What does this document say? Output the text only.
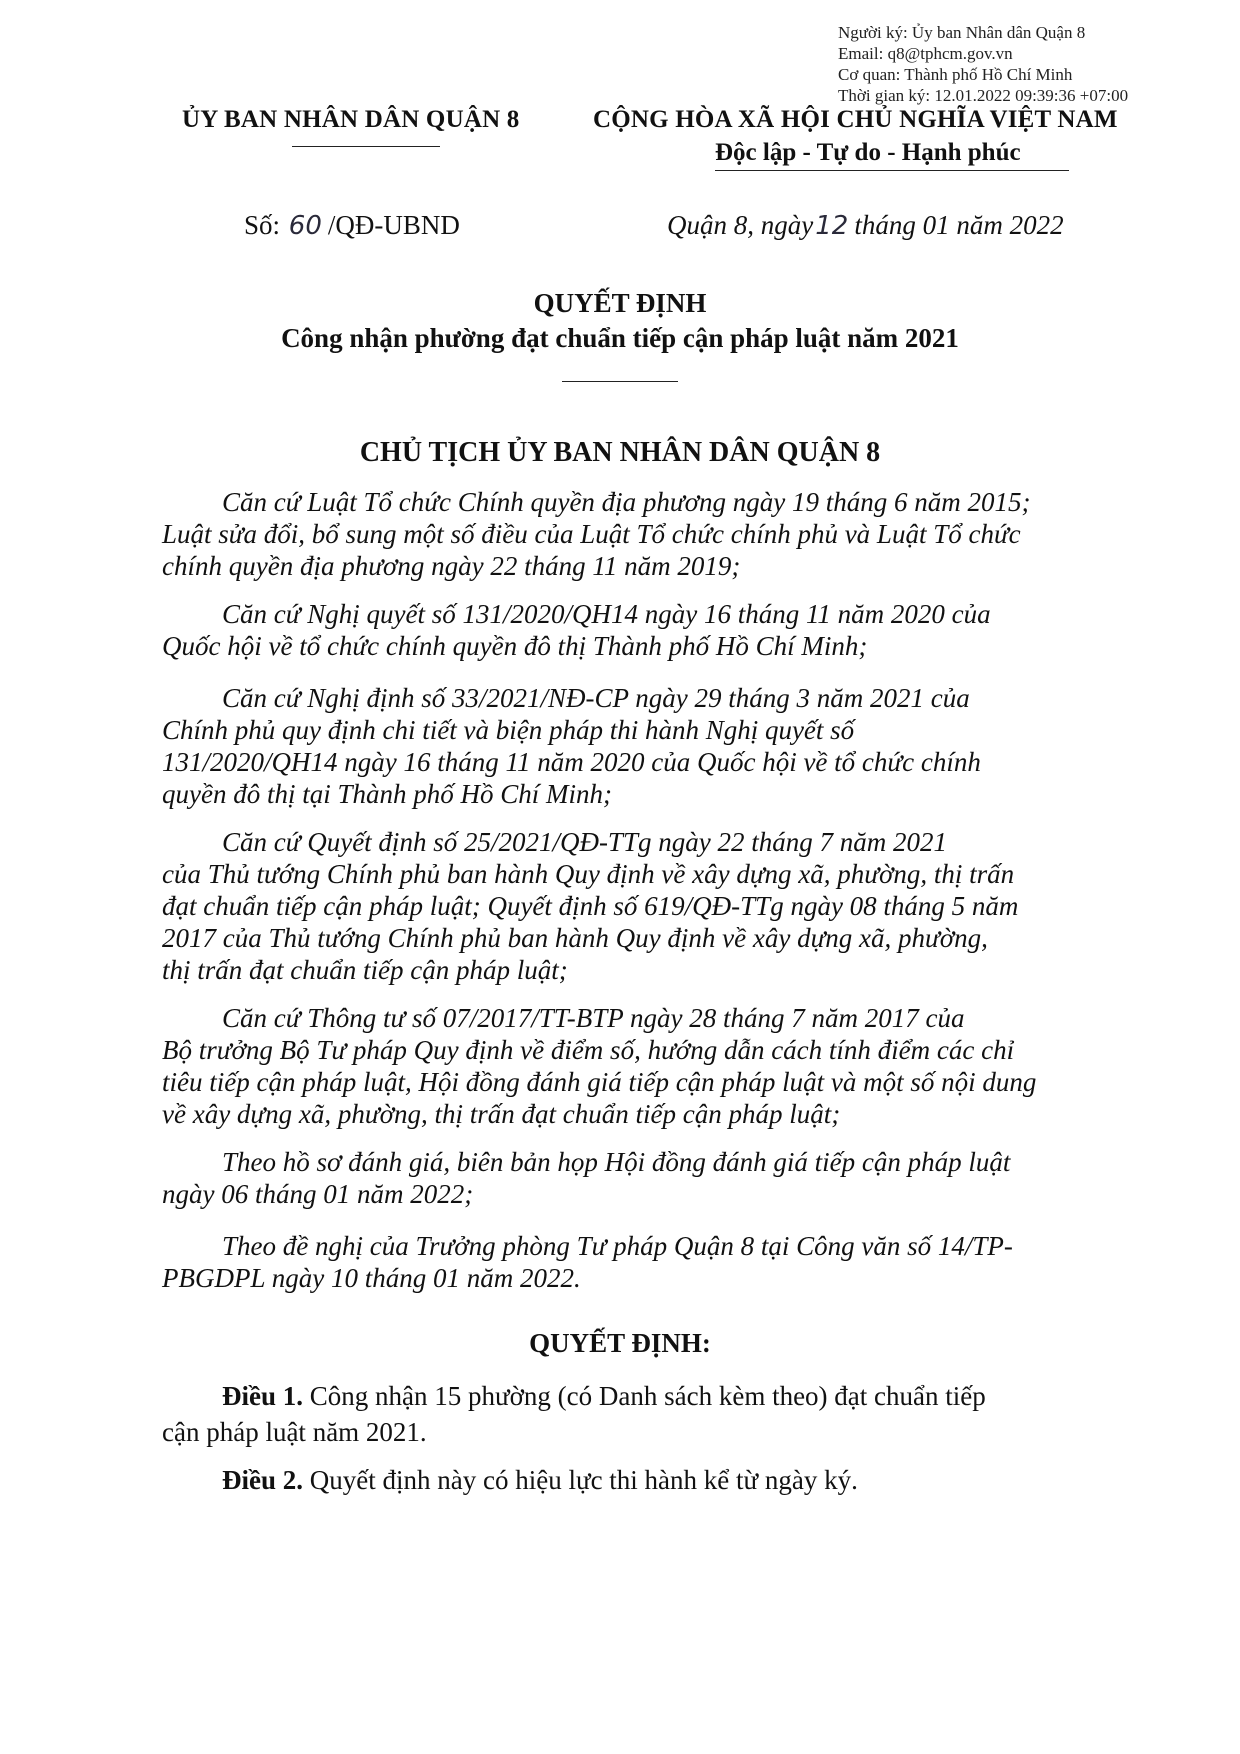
Người ký: Ủy ban Nhân dân Quận 8
Email: q8@tphcm.gov.vn
Cơ quan: Thành phố Hồ Chí Minh
Thời gian ký: 12.01.2022 09:39:36 +07:00
ỦY BAN NHÂN DÂN QUẬN 8	CỘNG HÒA XÃ HỘI CHỦ NGHĨA VIỆT NAM
Độc lập - Tự do - Hạnh phúc
Số: 60 /QĐ-UBND	Quận 8, ngày12 tháng 01 năm 2022
QUYẾT ĐỊNH
Công nhận phường đạt chuẩn tiếp cận pháp luật năm 2021
CHỦ TỊCH ỦY BAN NHÂN DÂN QUẬN 8

Căn cứ Luật Tổ chức Chính quyền địa phương ngày 19 tháng 6 năm 2015;
Luật sửa đổi, bổ sung một số điều của Luật Tổ chức chính phủ và Luật Tổ chức
chính quyền địa phương ngày 22 tháng 11 năm 2019;

Căn cứ Nghị quyết số 131/2020/QH14 ngày 16 tháng 11 năm 2020 của
Quốc hội về tổ chức chính quyền đô thị Thành phố Hồ Chí Minh;

Căn cứ Nghị định số 33/2021/NĐ-CP ngày 29 tháng 3 năm 2021 của
Chính phủ quy định chi tiết và biện pháp thi hành Nghị quyết số
131/2020/QH14 ngày 16 tháng 11 năm 2020 của Quốc hội về tổ chức chính
quyền đô thị tại Thành phố Hồ Chí Minh;

Căn cứ Quyết định số 25/2021/QĐ-TTg ngày 22 tháng 7 năm 2021
của Thủ tướng Chính phủ ban hành Quy định về xây dựng xã, phường, thị trấn
đạt chuẩn tiếp cận pháp luật; Quyết định số 619/QĐ-TTg ngày 08 tháng 5 năm
2017 của Thủ tướng Chính phủ ban hành Quy định về xây dựng xã, phường,
thị trấn đạt chuẩn tiếp cận pháp luật;

Căn cứ Thông tư số 07/2017/TT-BTP ngày 28 tháng 7 năm 2017 của
Bộ trưởng Bộ Tư pháp Quy định về điểm số, hướng dẫn cách tính điểm các chỉ
tiêu tiếp cận pháp luật, Hội đồng đánh giá tiếp cận pháp luật và một số nội dung
về xây dựng xã, phường, thị trấn đạt chuẩn tiếp cận pháp luật;

Theo hồ sơ đánh giá, biên bản họp Hội đồng đánh giá tiếp cận pháp luật
ngày 06 tháng 01 năm 2022;

Theo đề nghị của Trưởng phòng Tư pháp Quận 8 tại Công văn số 14/TP-
PBGDPL ngày 10 tháng 01 năm 2022.

QUYẾT ĐỊNH:
Điều 1. Công nhận 15 phường (có Danh sách kèm theo) đạt chuẩn tiếp
cận pháp luật năm 2021.
Điều 2. Quyết định này có hiệu lực thi hành kể từ ngày ký.
